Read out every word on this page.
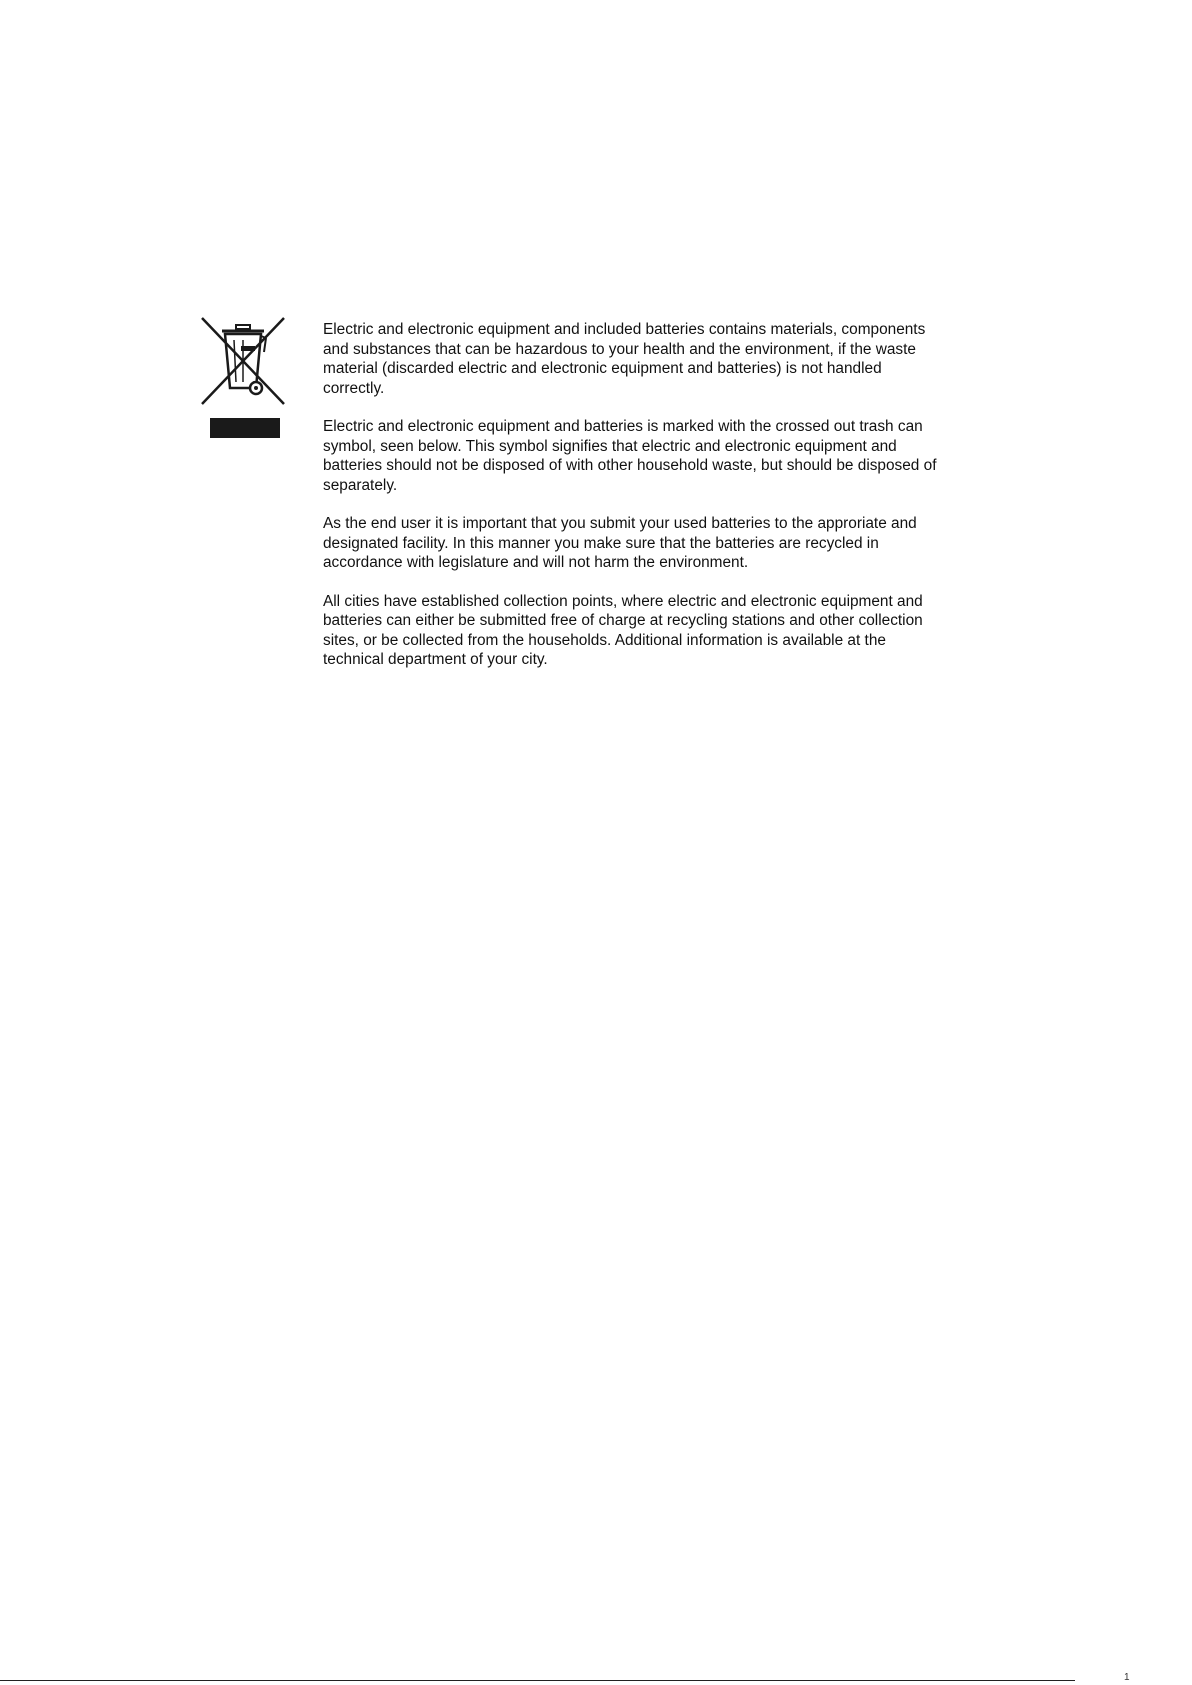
Electric and electronic equipment and included batteries contains materials, components
and substances that can be hazardous to your health and the environment, if the waste
material (discarded electric and electronic equipment and batteries) is not handled
correctly.

Electric and electronic equipment and batteries is marked with the crossed out trash can
symbol, seen below. This symbol signifies that electric and electronic equipment and
batteries should not be disposed of with other household waste, but should be disposed of
separately.

As the end user it is important that you submit your used batteries to the approriate and
designated facility. In this manner you make sure that the batteries are recycled in
accordance with legislature and will not harm the environment.

All cities have established collection points, where electric and electronic equipment and
batteries can either be submitted free of charge at recycling stations and other collection
sites, or be collected from the households. Additional information is available at the
technical department of your city.

1
